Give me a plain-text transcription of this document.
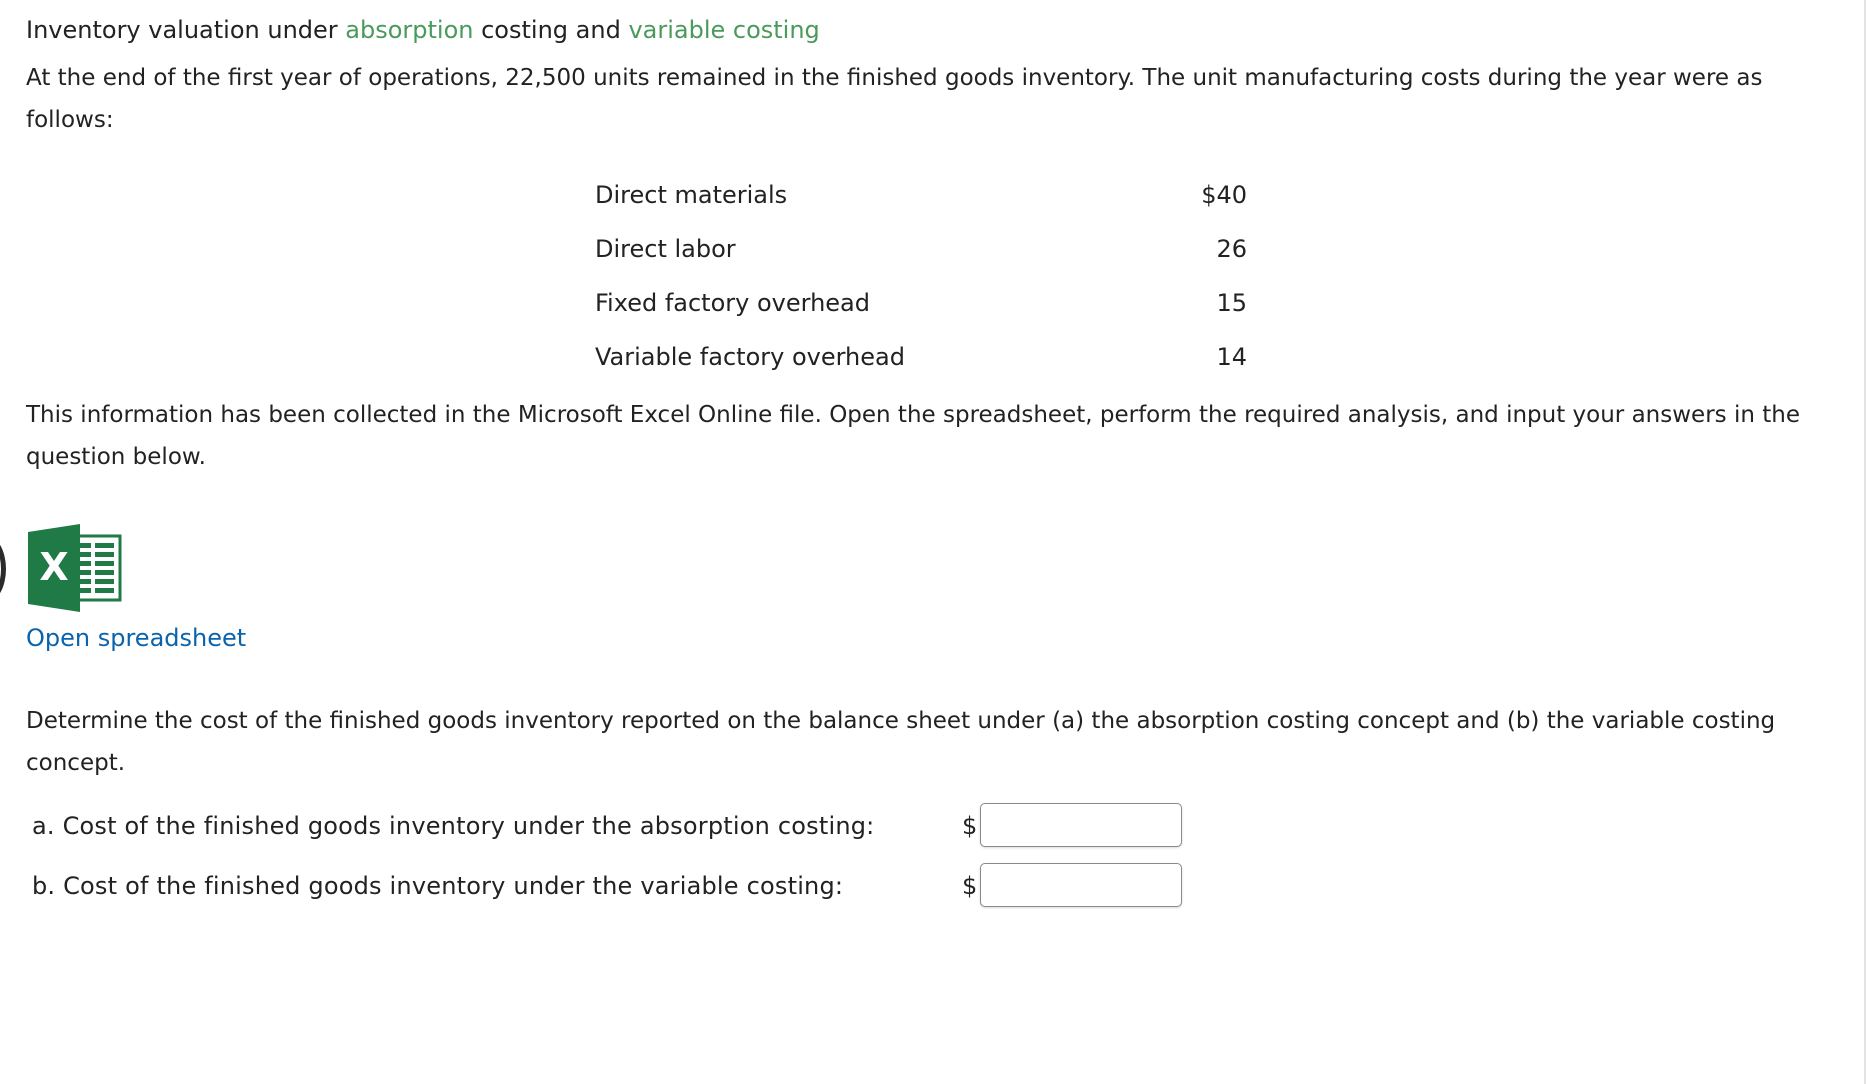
Inventory valuation under absorption costing and variable costing
At the end of the first year of operations, 22,500 units remained in the finished goods inventory. The unit manufacturing costs during the year were as follows:
Direct materials	$40
Direct labor	26
Fixed factory overhead	15
Variable factory overhead	14
This information has been collected in the Microsoft Excel Online file. Open the spreadsheet, perform the required analysis, and input your answers in the question below.
X
Open spreadsheet
Determine the cost of the finished goods inventory reported on the balance sheet under (a) the absorption costing concept and (b) the variable costing concept.
a. Cost of the finished goods inventory under the absorption costing:	$
b. Cost of the finished goods inventory under the variable costing:	$
